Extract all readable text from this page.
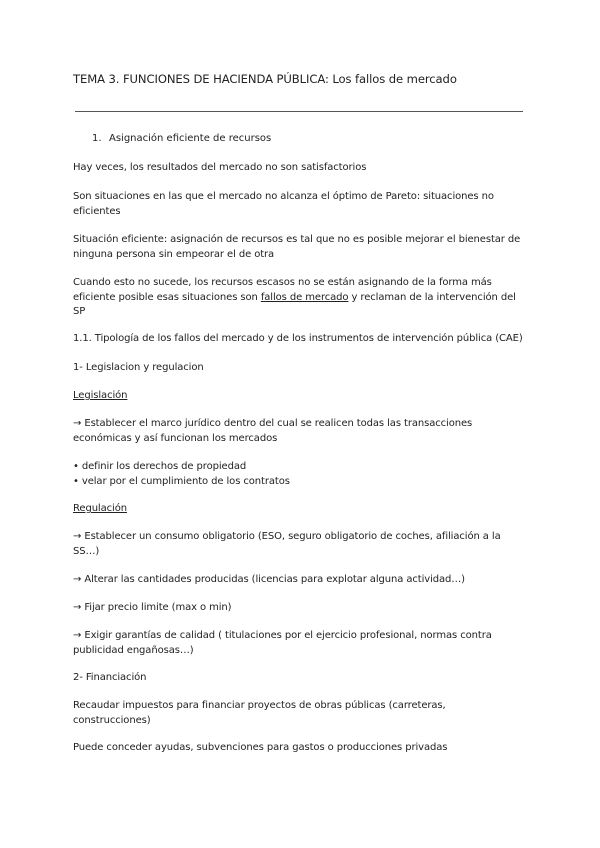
TEMA 3. FUNCIONES DE HACIENDA PÚBLICA: Los fallos de mercado
1. Asignación eficiente de recursos
Hay veces, los resultados del mercado no son satisfactorios
Son situaciones en las que el mercado no alcanza el óptimo de Pareto: situaciones no
eficientes
Situación eficiente: asignación de recursos es tal que no es posible mejorar el bienestar de
ninguna persona sin empeorar el de otra
Cuando esto no sucede, los recursos escasos no se están asignando de la forma más
eficiente posible esas situaciones son fallos de mercado y reclaman de la intervención del
SP
1.1. Tipología de los fallos del mercado y de los instrumentos de intervención pública (CAE)
1- Legislacion y regulacion
Legislación
→ Establecer el marco jurídico dentro del cual se realicen todas las transacciones
económicas y así funcionan los mercados
• definir los derechos de propiedad
• velar por el cumplimiento de los contratos
Regulación
→ Establecer un consumo obligatorio (ESO, seguro obligatorio de coches, afiliación a la
SS…)
→ Alterar las cantidades producidas (licencias para explotar alguna actividad…)
→ Fijar precio limite (max o min)
→ Exigir garantías de calidad ( titulaciones por el ejercicio profesional, normas contra
publicidad engañosas…)
2- Financiación
Recaudar impuestos para financiar proyectos de obras públicas (carreteras,
construcciones)
Puede conceder ayudas, subvenciones para gastos o producciones privadas
